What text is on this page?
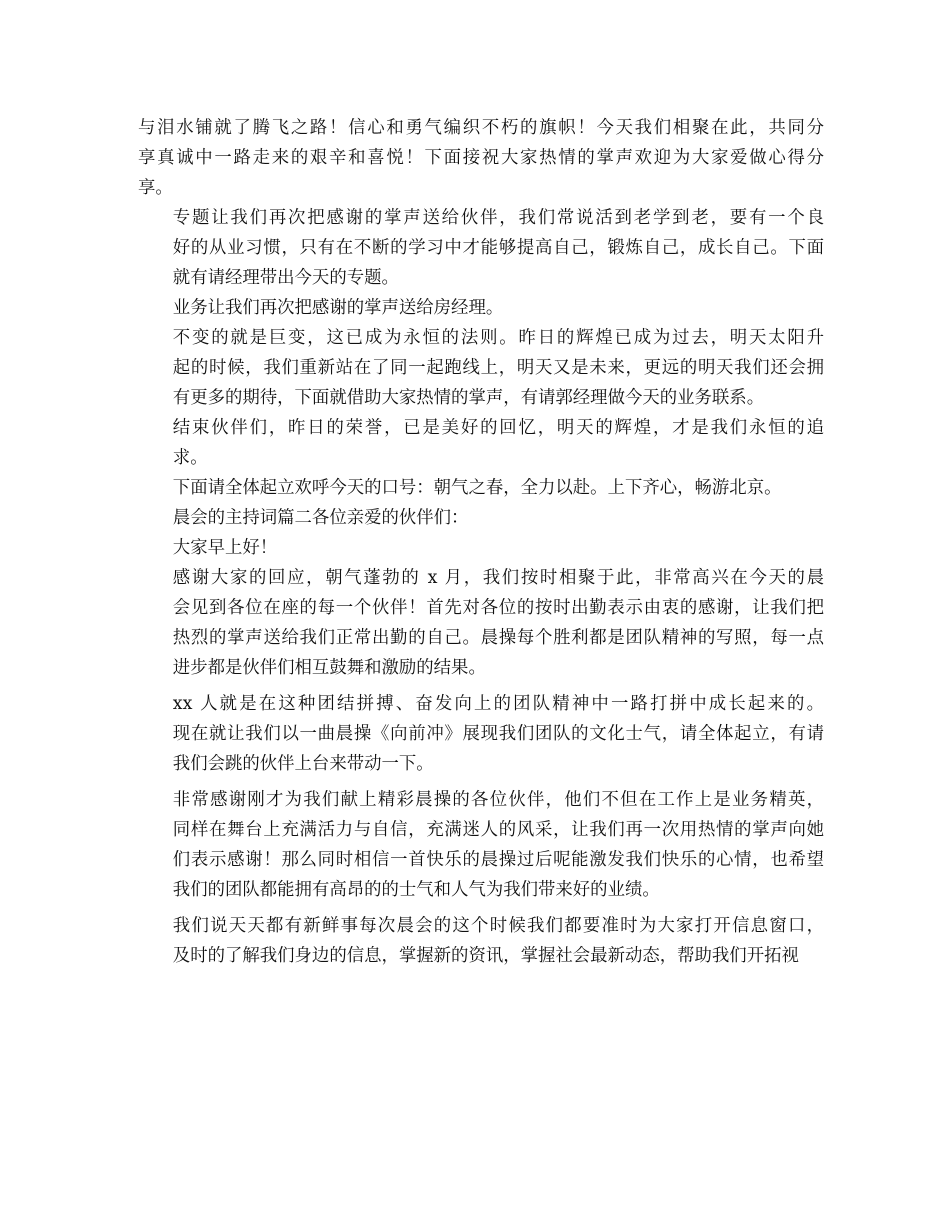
与泪水铺就了腾飞之路！信心和勇气编织不朽的旗帜！今天我们相聚在此，共同分
享真诚中一路走来的艰辛和喜悦！下面接祝大家热情的掌声欢迎为大家爱做心得分
享。
专题让我们再次把感谢的掌声送给伙伴，我们常说活到老学到老，要有一个良
好的从业习惯，只有在不断的学习中才能够提高自己，锻炼自己，成长自己。下面
就有请经理带出今天的专题。
业务让我们再次把感谢的掌声送给房经理。
不变的就是巨变，这已成为永恒的法则。昨日的辉煌已成为过去，明天太阳升
起的时候，我们重新站在了同一起跑线上，明天又是未来，更远的明天我们还会拥
有更多的期待，下面就借助大家热情的掌声，有请郭经理做今天的业务联系。
结束伙伴们，昨日的荣誉，已是美好的回忆，明天的辉煌，才是我们永恒的追
求。
下面请全体起立欢呼今天的口号：朝气之春，全力以赴。上下齐心，畅游北京。
晨会的主持词篇二各位亲爱的伙伴们：
大家早上好！
感谢大家的回应，朝气蓬勃的 x 月，我们按时相聚于此，非常高兴在今天的晨
会见到各位在座的每一个伙伴！首先对各位的按时出勤表示由衷的感谢，让我们把
热烈的掌声送给我们正常出勤的自己。晨操每个胜利都是团队精神的写照，每一点
进步都是伙伴们相互鼓舞和激励的结果。
xx 人就是在这种团结拼搏、奋发向上的团队精神中一路打拼中成长起来的。
现在就让我们以一曲晨操《向前冲》展现我们团队的文化士气，请全体起立，有请
我们会跳的伙伴上台来带动一下。
非常感谢刚才为我们献上精彩晨操的各位伙伴，他们不但在工作上是业务精英，
同样在舞台上充满活力与自信，充满迷人的风采，让我们再一次用热情的掌声向她
们表示感谢！那么同时相信一首快乐的晨操过后呢能激发我们快乐的心情，也希望
我们的团队都能拥有高昂的的士气和人气为我们带来好的业绩。
我们说天天都有新鲜事每次晨会的这个时候我们都要准时为大家打开信息窗口，
及时的了解我们身边的信息，掌握新的资讯，掌握社会最新动态，帮助我们开拓视
